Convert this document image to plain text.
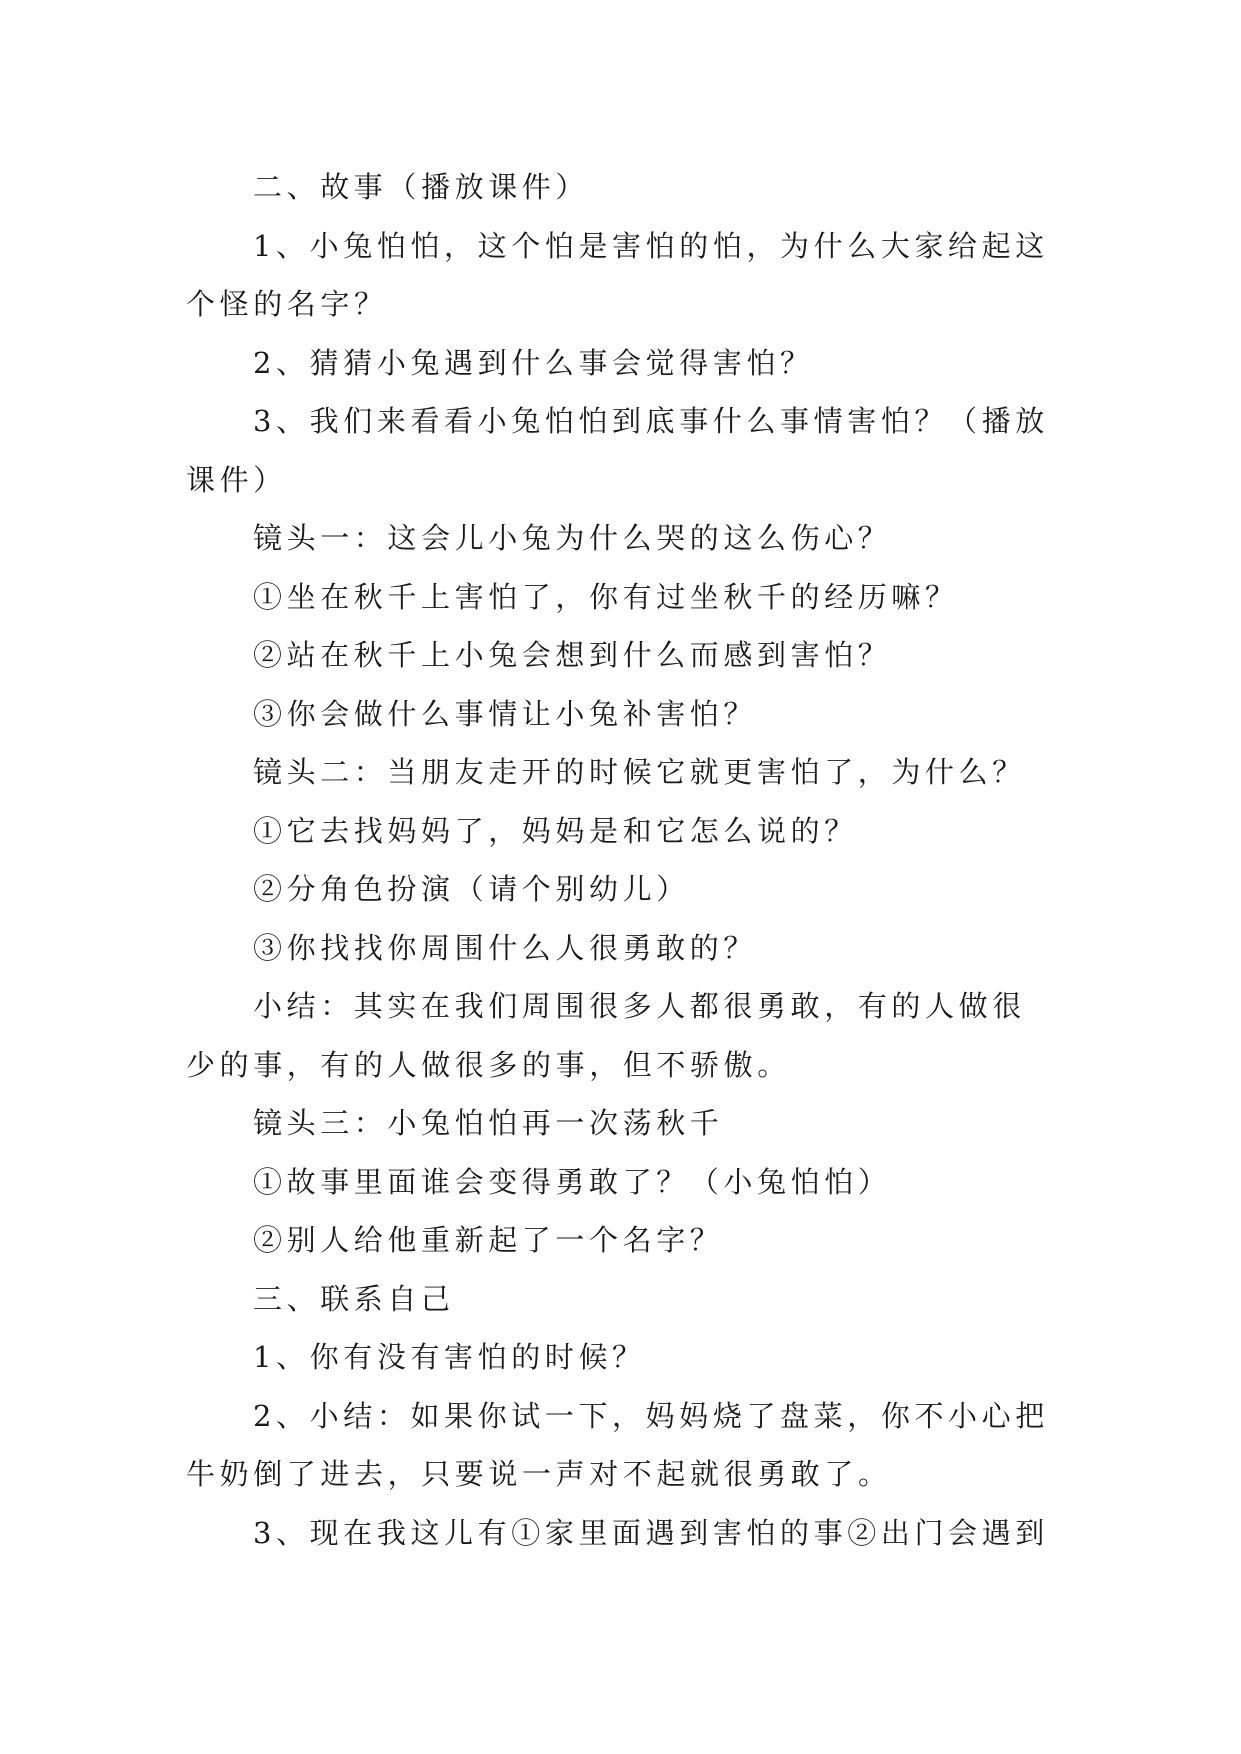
二、故事（播放课件）

1、小兔怕怕，这个怕是害怕的怕，为什么大家给起这个怪的名字？

2、猜猜小兔遇到什么事会觉得害怕？

3、我们来看看小兔怕怕到底事什么事情害怕？（播放课件）

镜头一：这会儿小兔为什么哭的这么伤心？

①坐在秋千上害怕了，你有过坐秋千的经历嘛？

②站在秋千上小兔会想到什么而感到害怕？

③你会做什么事情让小兔补害怕？

镜头二：当朋友走开的时候它就更害怕了，为什么？

①它去找妈妈了，妈妈是和它怎么说的？

②分角色扮演（请个别幼儿）

③你找找你周围什么人很勇敢的？

小结：其实在我们周围很多人都很勇敢，有的人做很少的事，有的人做很多的事，但不骄傲。

镜头三：小兔怕怕再一次荡秋千

①故事里面谁会变得勇敢了？（小兔怕怕）

②别人给他重新起了一个名字？

三、联系自己

1、你有没有害怕的时候？

2、小结：如果你试一下，妈妈烧了盘菜，你不小心把牛奶倒了进去，只要说一声对不起就很勇敢了。

3、现在我这儿有①家里面遇到害怕的事②出门会遇到
